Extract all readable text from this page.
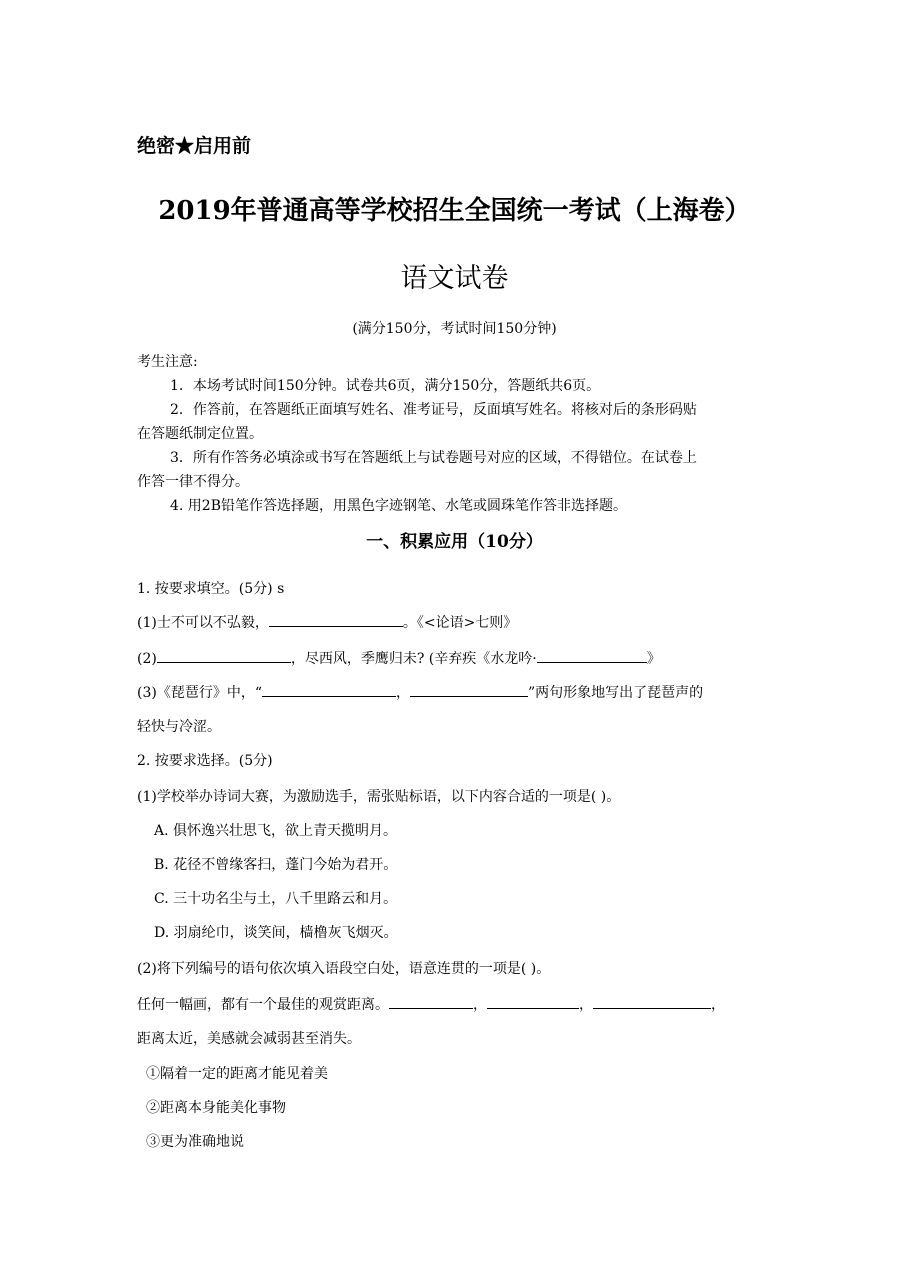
绝密★启用前
2019年普通高等学校招生全国统一考试（上海卷）
语文试卷
(满分150分，考试时间150分钟)
考生注意:
1．本场考试时间150分钟。试卷共6页，满分150分，答题纸共6页。
2．作答前，在答题纸正面填写姓名、准考证号，反面填写姓名。将核对后的条形码贴
在答题纸制定位置。
3．所有作答务必填涂或书写在答题纸上与试卷题号对应的区域，不得错位。在试卷上
作答一律不得分。
4. 用2B铅笔作答选择题，用黑色字迹钢笔、水笔或圆珠笔作答非选择题。
一、积累应用（10分）
1. 按要求填空。(5分) s
(1)士不可以不弘毅，	。《<论语>七则》
(2)	，尽西风，季鹰归未? (辛弃疾《水龙吟·	》
(3)《琵琶行》中，“	，	”两句形象地写出了琵琶声的
轻快与冷涩。
2. 按要求选择。(5分)
(1)学校举办诗词大赛，为激励选手，需张贴标语，以下内容合适的一项是( )。
A. 俱怀逸兴壮思飞，欲上青天揽明月。
B. 花径不曾缘客扫，蓬门今始为君开。
C. 三十功名尘与土，八千里路云和月。
D. 羽扇纶巾，谈笑间，樯橹灰飞烟灭。
(2)将下列编号的语句依次填入语段空白处，语意连贯的一项是( )。
任何一幅画，都有一个最佳的观赏距离。	，	，	，
距离太近，美感就会减弱甚至消失。
①隔着一定的距离才能见着美
②距离本身能美化事物
③更为准确地说
